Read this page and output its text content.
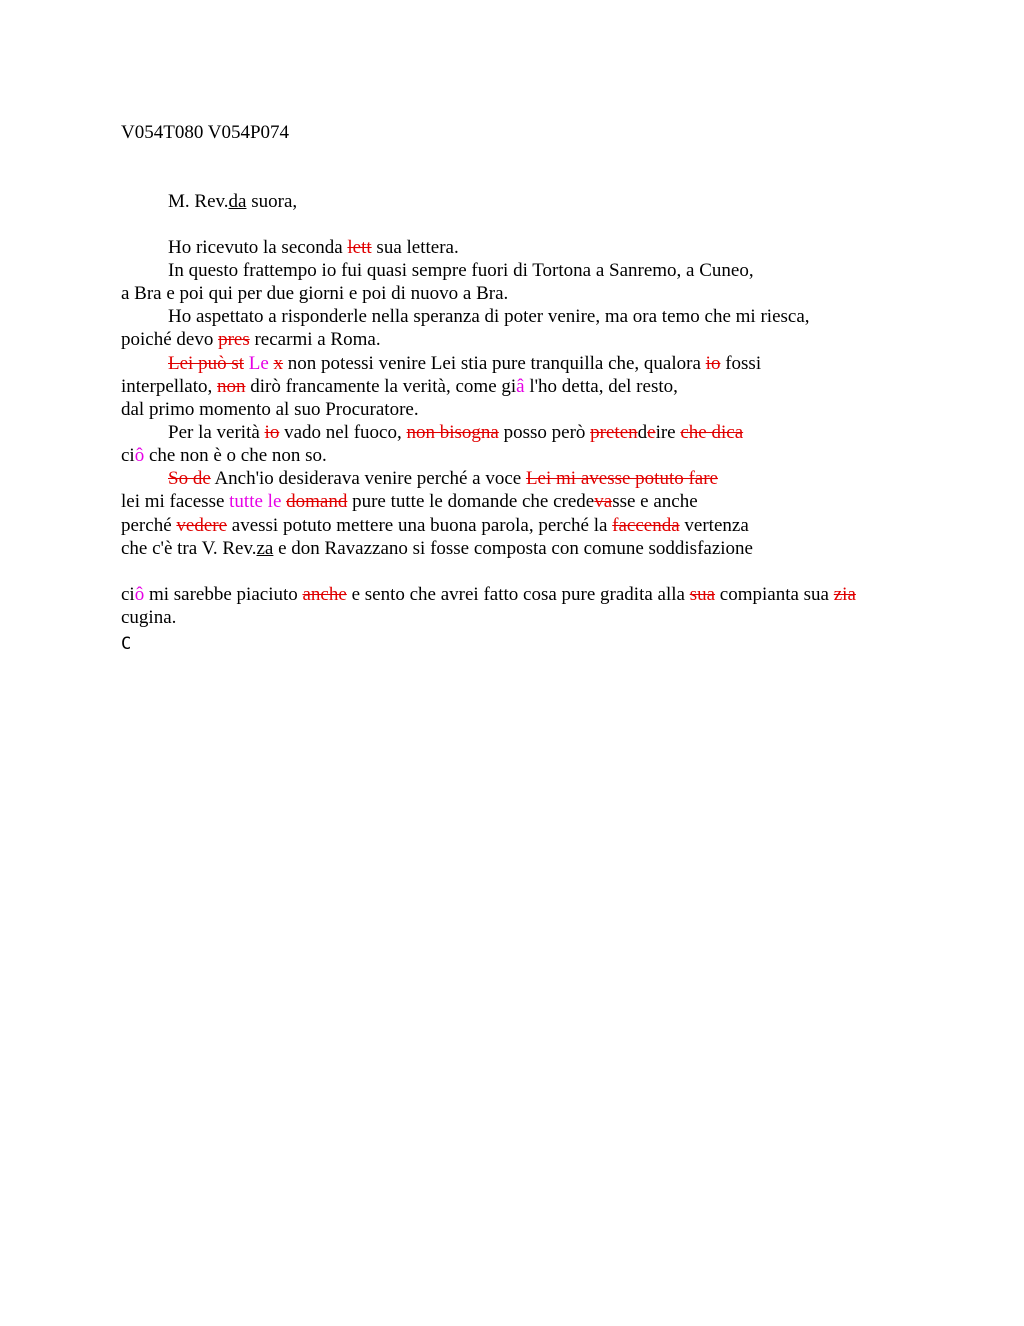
V054T080 V054P074
M. Rev.da suora,
Ho ricevuto la seconda lett sua lettera.
In questo frattempo io fui quasi sempre fuori di Tortona a Sanremo, a Cuneo,
a Bra e poi qui per due giorni e poi di nuovo a Bra.
Ho aspettato a risponderle nella speranza di poter venire, ma ora temo che mi riesca,
poiché devo pres recarmi a Roma.
Lei può st Le x non potessi venire Lei stia pure tranquilla che, qualora io fossi
interpellato, non dirò francamente la verità, come giâ l'ho detta, del resto,
dal primo momento al suo Procuratore.
Per la verità io vado nel fuoco, non bisogna posso però pretendeire che dica
ciô che non è o che non so.
So de Anch'io desiderava venire perché a voce Lei mi avesse potuto fare
lei mi facesse tutte le domand pure tutte le domande che credevasse e anche
perché vedere avessi potuto mettere una buona parola, perché la faccenda vertenza
che c'è tra V. Rev.za e don Ravazzano si fosse composta con comune soddisfazione
ciô mi sarebbe piaciuto anche e sento che avrei fatto cosa pure gradita alla sua compianta sua zia
cugina.
C
